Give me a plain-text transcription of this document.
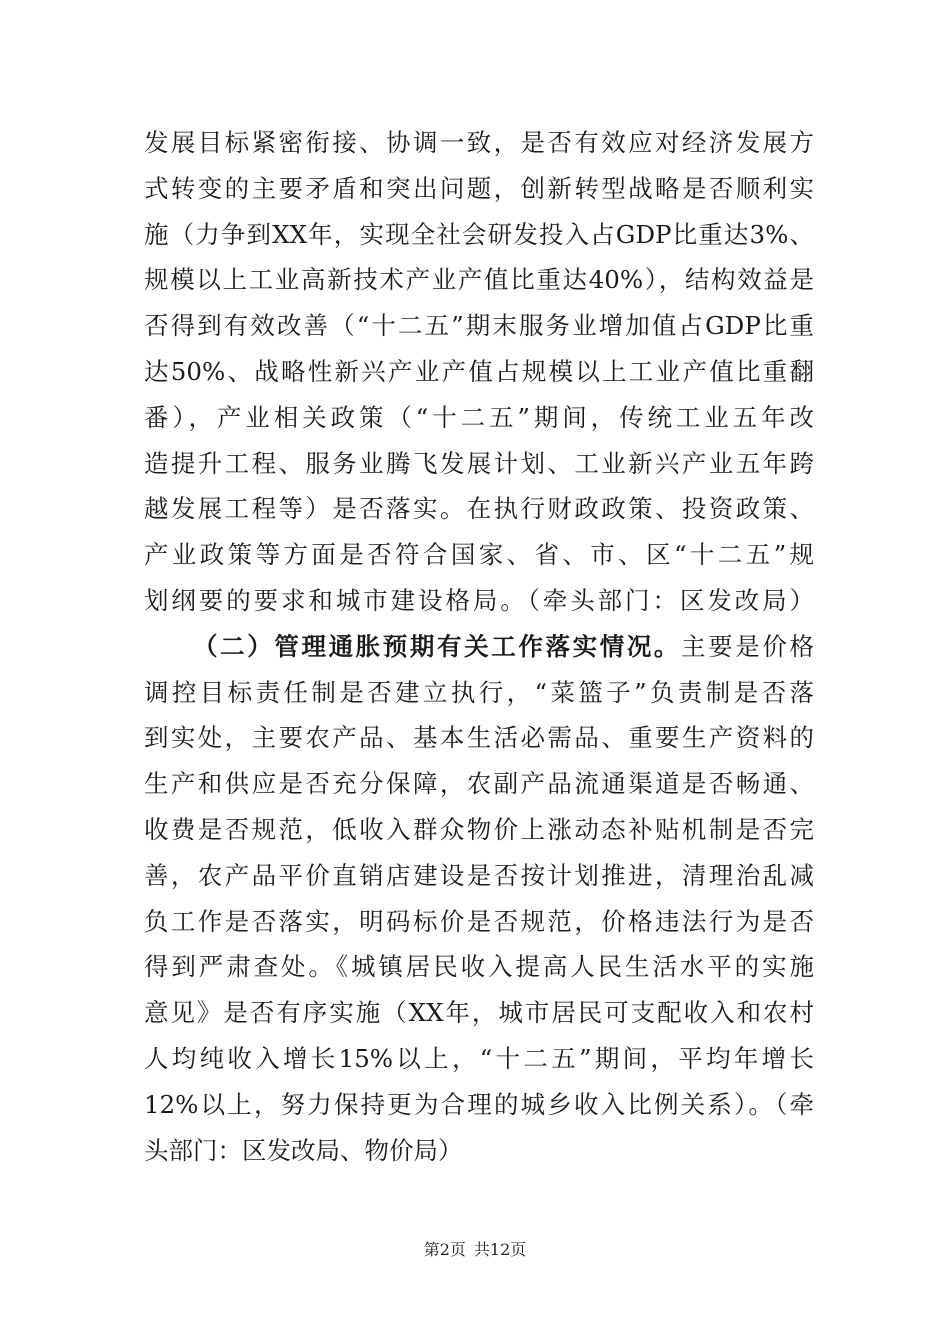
发展目标紧密衔接、协调一致，是否有效应对经济发展方
式转变的主要矛盾和突出问题，创新转型战略是否顺利实
施（力争到XX年，实现全社会研发投入占GDP比重达3%、
规模以上工业高新技术产业产值比重达40%），结构效益是
否得到有效改善（“十二五”期末服务业增加值占GDP比重
达50%、战略性新兴产业产值占规模以上工业产值比重翻
番），产业相关政策（“十二五”期间，传统工业五年改
造提升工程、服务业腾飞发展计划、工业新兴产业五年跨
越发展工程等）是否落实。在执行财政政策、投资政策、
产业政策等方面是否符合国家、省、市、区“十二五”规
划纲要的要求和城市建设格局。（牵头部门：区发改局）
（二）管理通胀预期有关工作落实情况。主要是价格
调控目标责任制是否建立执行，“菜篮子”负责制是否落
到实处，主要农产品、基本生活必需品、重要生产资料的
生产和供应是否充分保障，农副产品流通渠道是否畅通、
收费是否规范，低收入群众物价上涨动态补贴机制是否完
善，农产品平价直销店建设是否按计划推进，清理治乱减
负工作是否落实，明码标价是否规范，价格违法行为是否
得到严肃查处。《城镇居民收入提高人民生活水平的实施
意见》是否有序实施（XX年，城市居民可支配收入和农村
人均纯收入增长15%以上，“十二五”期间，平均年增长
12%以上，努力保持更为合理的城乡收入比例关系）。（牵
头部门：区发改局、物价局）
第2页 共12页
